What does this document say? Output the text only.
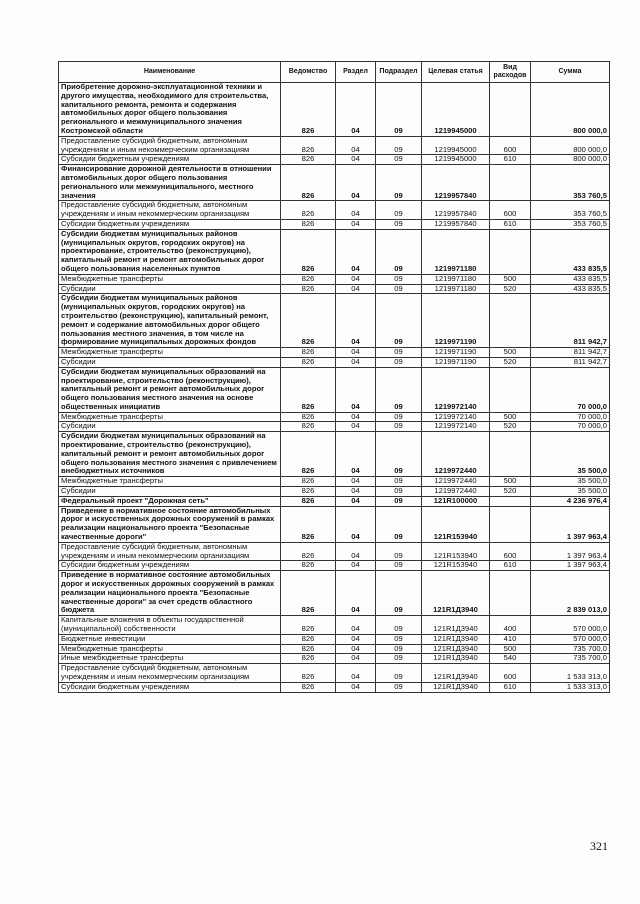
Наименование	Ведомство	Раздел	Подраздел	Целевая статья	Вид расходов	Сумма
Приобретение дорожно-эксплуатационной техники и другого имущества, необходимого для строительства, капитального ремонта, ремонта и содержания автомобильных дорог общего пользования регионального и межмуниципального значения Костромской области	826	04	09	1219945000		800 000,0
Предоставление субсидий бюджетным, автономным учреждениям и иным некоммерческим организациям	826	04	09	1219945000	600	800 000,0
Субсидии бюджетным учреждениям	826	04	09	1219945000	610	800 000,0
Финансирование дорожной деятельности в отношении автомобильных дорог общего пользования регионального или межмуниципального, местного значения	826	04	09	1219957840		353 760,5
Предоставление субсидий бюджетным, автономным учреждениям и иным некоммерческим организациям	826	04	09	1219957840	600	353 760,5
Субсидии бюджетным учреждениям	826	04	09	1219957840	610	353 760,5
Субсидии бюджетам муниципальных районов (муниципальных округов, городских округов) на проектирование, строительство (реконструкцию), капитальный ремонт и ремонт автомобильных дорог общего пользования населенных пунктов	826	04	09	1219971180		433 835,5
Межбюджетные трансферты	826	04	09	1219971180	500	433 835,5
Субсидии	826	04	09	1219971180	520	433 835,5
Субсидии бюджетам муниципальных районов (муниципальных округов, городских округов) на строительство (реконструкцию), капитальный ремонт, ремонт и содержание автомобильных дорог общего пользования местного значения, в том числе на формирование муниципальных дорожных фондов	826	04	09	1219971190		811 942,7
Межбюджетные трансферты	826	04	09	1219971190	500	811 942,7
Субсидии	826	04	09	1219971190	520	811 942,7
Субсидии бюджетам муниципальных образований на проектирование, строительство (реконструкцию), капитальный ремонт и ремонт автомобильных дорог общего пользования местного значения на основе общественных инициатив	826	04	09	1219972140		70 000,0
Межбюджетные трансферты	826	04	09	1219972140	500	70 000,0
Субсидии	826	04	09	1219972140	520	70 000,0
Субсидии бюджетам муниципальных образований на проектирование, строительство (реконструкцию), капитальный ремонт и ремонт автомобильных дорог общего пользования местного значения с привлечением внебюджетных источников	826	04	09	1219972440		35 500,0
Межбюджетные трансферты	826	04	09	1219972440	500	35 500,0
Субсидии	826	04	09	1219972440	520	35 500,0
Федеральный проект "Дорожная сеть"	826	04	09	121R100000		4 236 976,4
Приведение в нормативное состояние автомобильных дорог и искусственных дорожных сооружений в рамках реализации национального проекта "Безопасные качественные дороги"	826	04	09	121R153940		1 397 963,4
Предоставление субсидий бюджетным, автономным учреждениям и иным некоммерческим организациям	826	04	09	121R153940	600	1 397 963,4
Субсидии бюджетным учреждениям	826	04	09	121R153940	610	1 397 963,4
Приведение в нормативное состояние автомобильных дорог и искусственных дорожных сооружений в рамках реализации национального проекта "Безопасные качественные дороги" за счет средств областного бюджета	826	04	09	121R1Д3940		2 839 013,0
Капитальные вложения в объекты государственной (муниципальной) собственности	826	04	09	121R1Д3940	400	570 000,0
Бюджетные инвестиции	826	04	09	121R1Д3940	410	570 000,0
Межбюджетные трансферты	826	04	09	121R1Д3940	500	735 700,0
Иные межбюджетные трансферты	826	04	09	121R1Д3940	540	735 700,0
Предоставление субсидий бюджетным, автономным учреждениям и иным некоммерческим организациям	826	04	09	121R1Д3940	600	1 533 313,0
Субсидии бюджетным учреждениям	826	04	09	121R1Д3940	610	1 533 313,0
321
